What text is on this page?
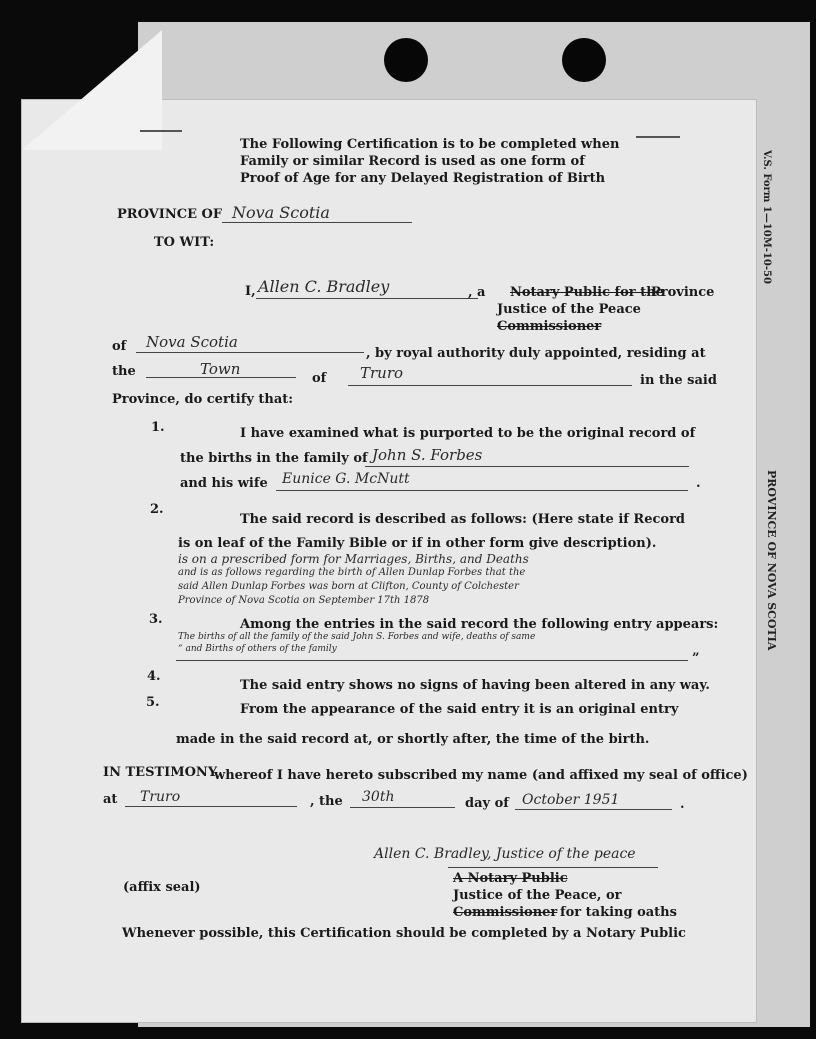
V.S. Form 1—10M-10-50
PROVINCE OF NOVA SCOTIA
The Following Certification is to be completed when
Family or similar Record is used as one form of
Proof of Age for any Delayed Registration of Birth
PROVINCE OF Nova Scotia
TO WIT:
I, Allen C. Bradley	, a Notary Public for the
Province
Justice of the Peace
Commissioner
of Nova Scotia
, by royal authority duly appointed, residing at
the	Town
of Truro	in the said
Province, do certify that:
1.	I have examined what is purported to be the original record of
the births in the family of John S. Forbes
and his wife Eunice G. McNutt	.
2.
The said record is described as follows: (Here state if Record
is on leaf of the Family Bible or if in other form give description).
is on a prescribed form for Marriages, Births, and Deaths
and is as follows regarding the birth of Allen Dunlap Forbes that the
said Allen Dunlap Forbes was born at Clifton, County of Colchester
Province of Nova Scotia on September 17th 1878
3.	Among the entries in the said record the following entry appears:
The births of all the family of the said John S. Forbes and wife, deaths of same
“ and Births of others of the family
”
4.
The said entry shows no signs of having been altered in any way.
5.	From the appearance of the said entry it is an original entry
made in the said record at, or shortly after, the time of the birth.
IN TESTIMONY
whereof I have hereto subscribed my name (and affixed my seal of office)
at Truro	, the 30th	day of October 1951	.
Allen C. Bradley, Justice of the peace
A Notary Public
Justice of the Peace, or
Commissioner for taking oaths
(affix seal)
Whenever possible, this Certification should be completed by a Notary Public
